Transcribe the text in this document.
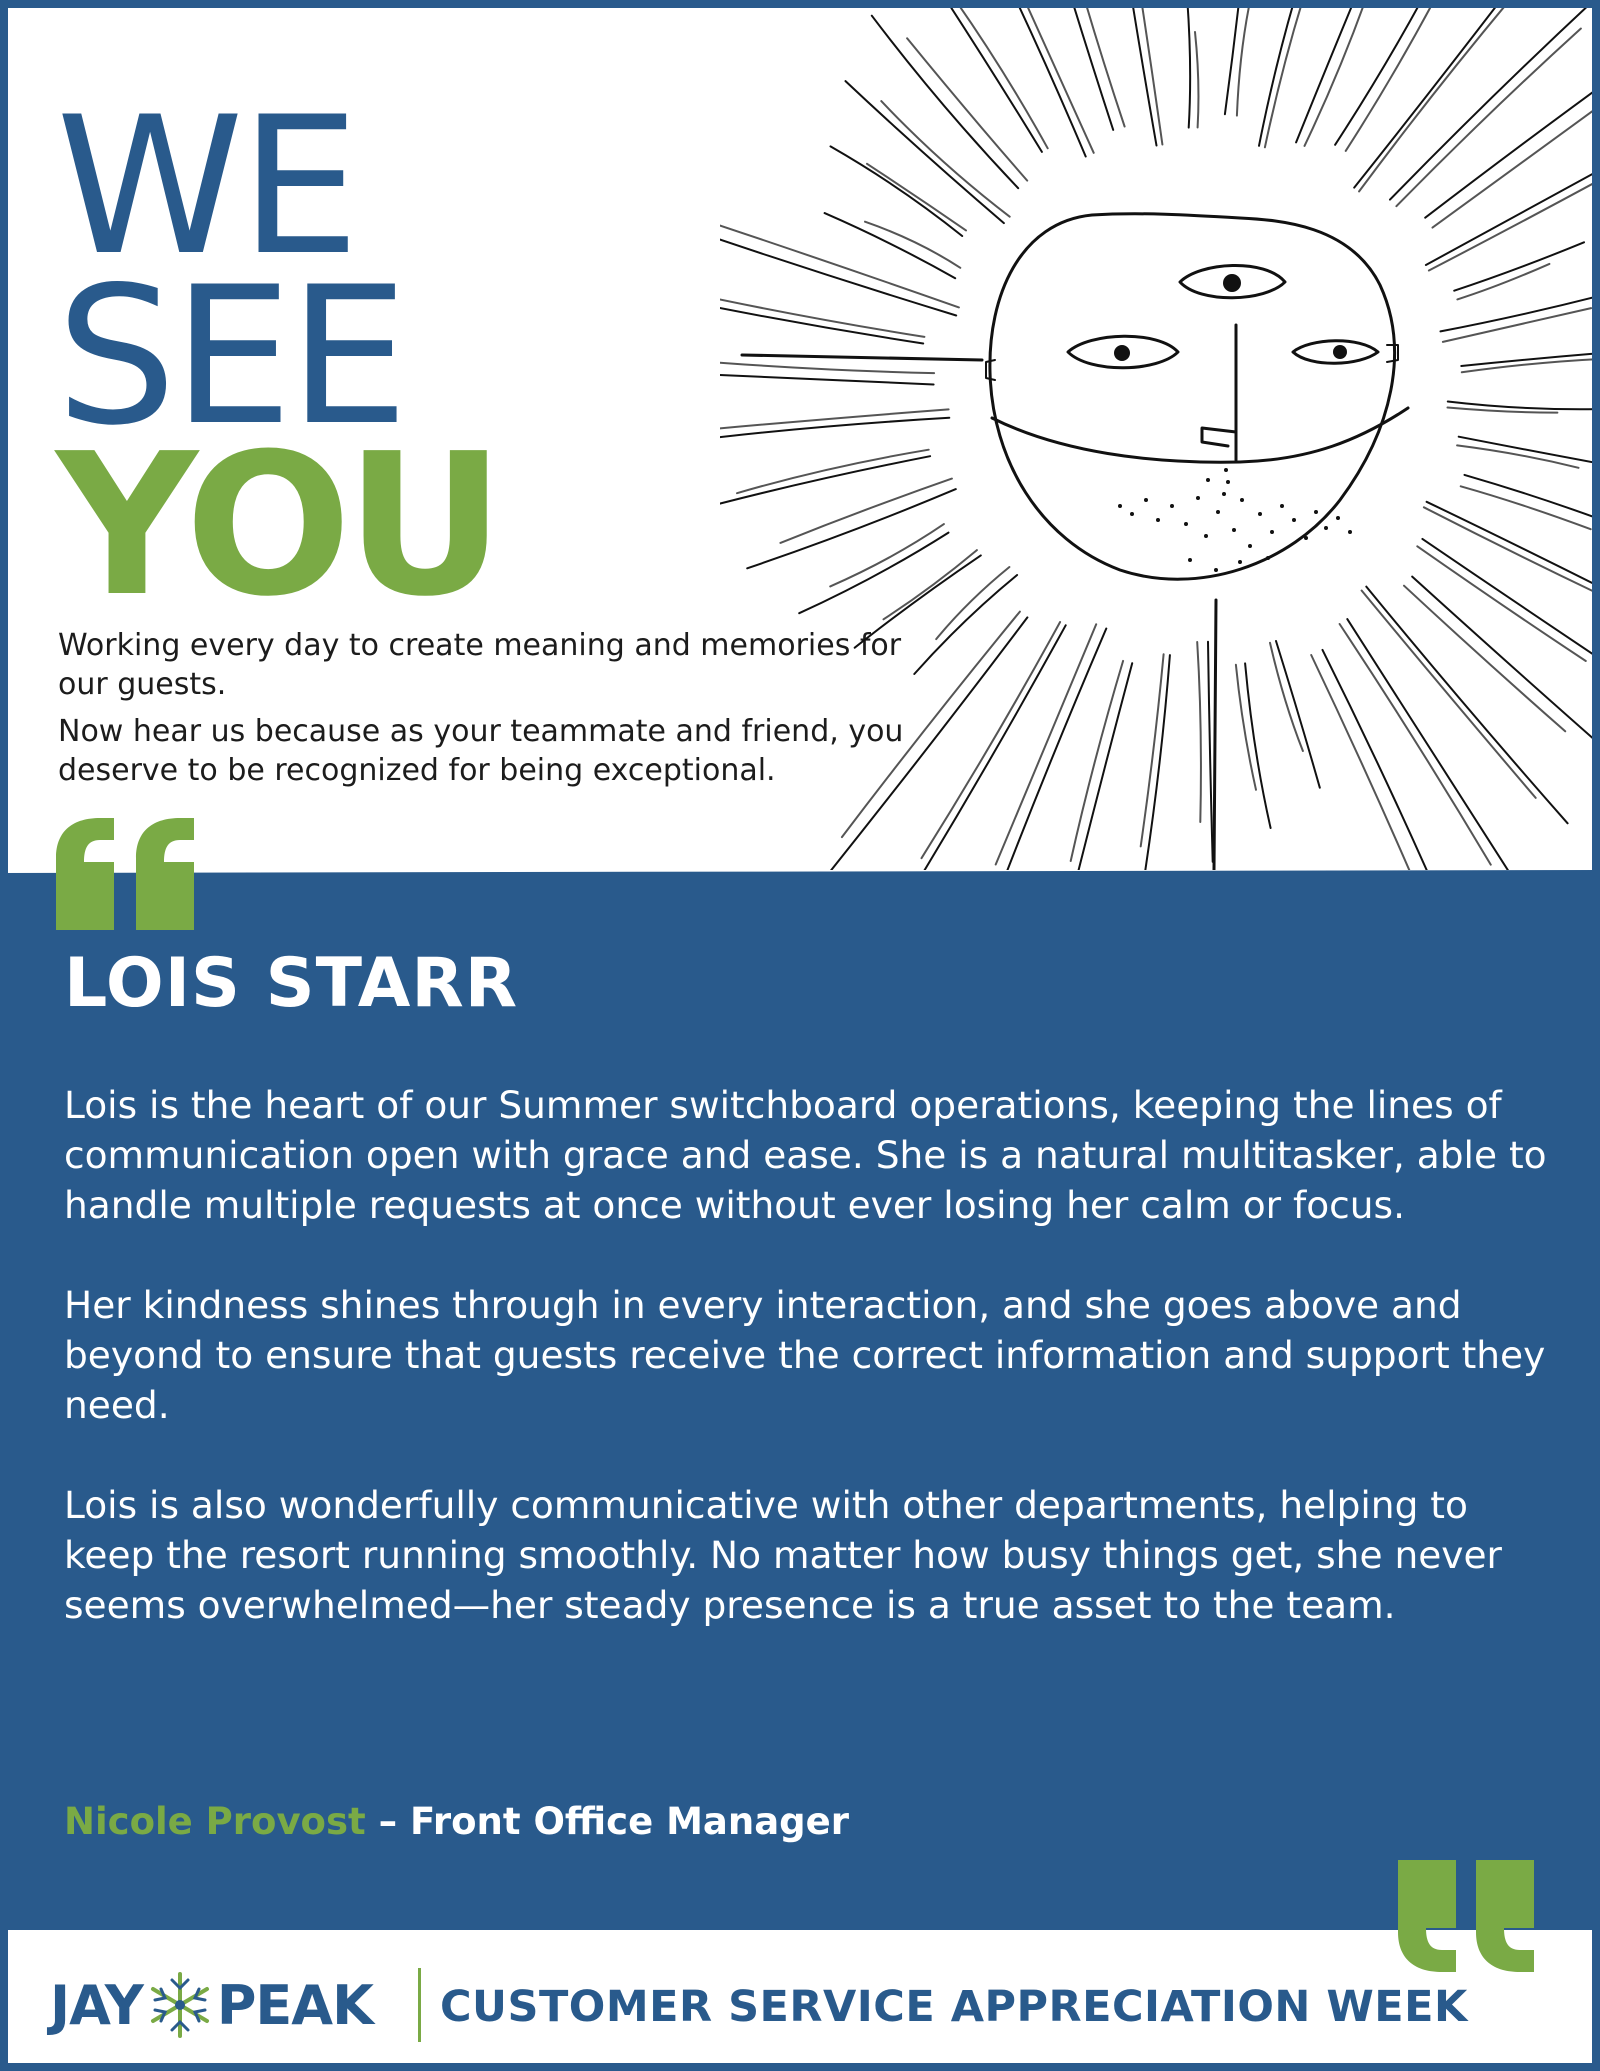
WE
SEE
YOU

Working every day to create meaning and memories for our guests.

Now hear us because as your teammate and friend, you deserve to be recognized for being exceptional.

LOIS STARR

Lois is the heart of our Summer switchboard operations, keeping the lines of communication open with grace and ease. She is a natural multitasker, able to handle multiple requests at once without ever losing her calm or focus.

Her kindness shines through in every interaction, and she goes above and beyond to ensure that guests receive the correct information and support they need.

Lois is also wonderfully communicative with other departments, helping to keep the resort running smoothly. No matter how busy things get, she never seems overwhelmed—her steady presence is a true asset to the team.

Nicole Provost – Front Office Manager
JAY PEAK CUSTOMER SERVICE APPRECIATION WEEK
